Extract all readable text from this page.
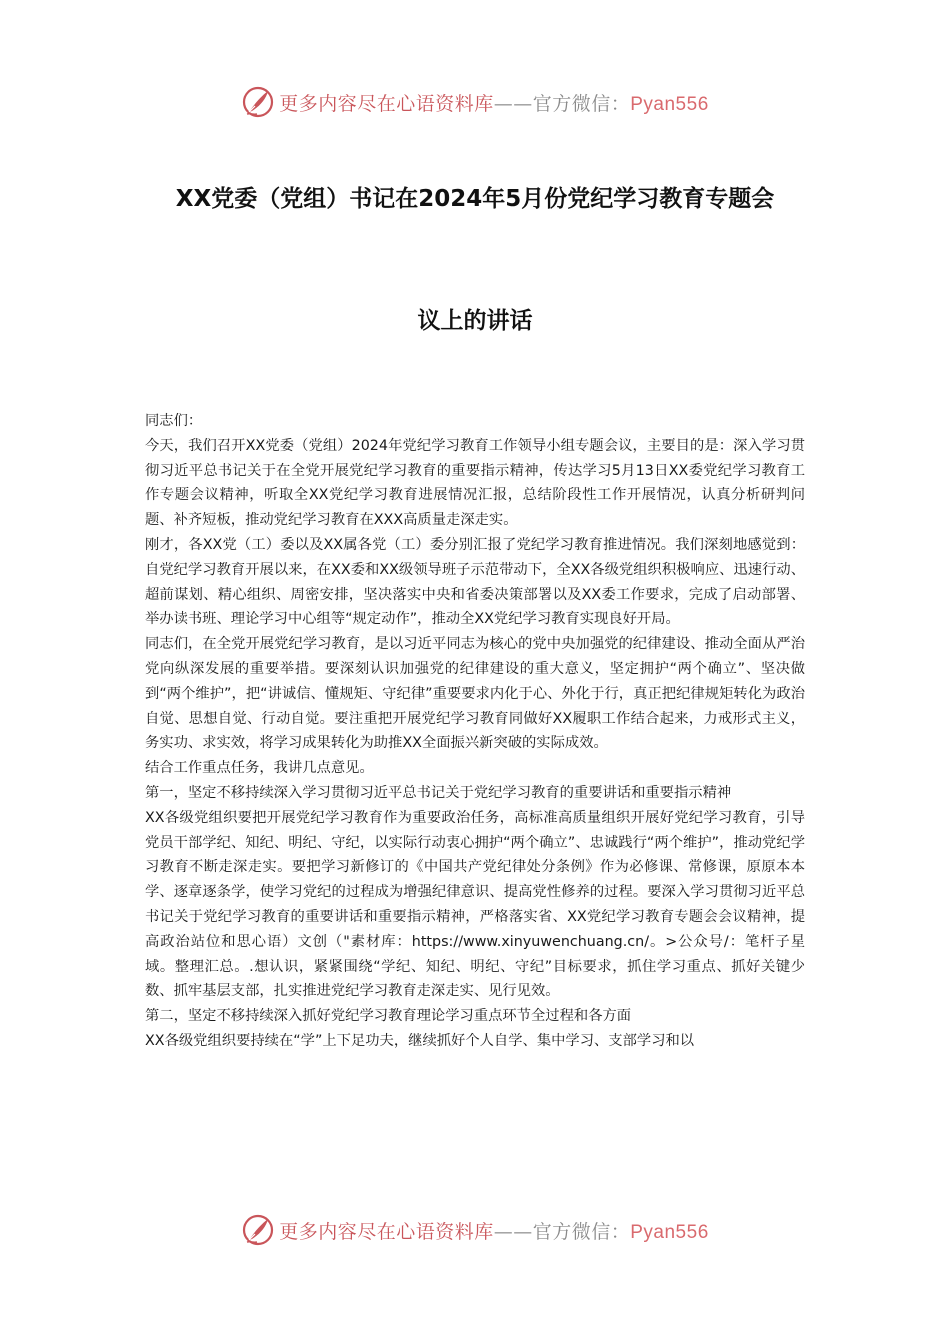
更多内容尽在心语资料库——官方微信：Pyan556
XX党委（党组）书记在2024年5月份党纪学习教育专题会
议上的讲话

同志们：

今天，我们召开XX党委（党组）2024年党纪学习教育工作领导小组专题会议，主要目的是：深入学习贯彻习近平总书记关于在全党开展党纪学习教育的重要指示精神，传达学习5月13日XX委党纪学习教育工作专题会议精神，听取全XX党纪学习教育进展情况汇报，总结阶段性工作开展情况，认真分析研判问题、补齐短板，推动党纪学习教育在XXX高质量走深走实。

刚才，各XX党（工）委以及XX属各党（工）委分别汇报了党纪学习教育推进情况。我们深刻地感觉到：自党纪学习教育开展以来，在XX委和XX级领导班子示范带动下，全XX各级党组织积极响应、迅速行动、超前谋划、精心组织、周密安排，坚决落实中央和省委决策部署以及XX委工作要求，完成了启动部署、举办读书班、理论学习中心组等“规定动作”，推动全XX党纪学习教育实现良好开局。

同志们，在全党开展党纪学习教育，是以习近平同志为核心的党中央加强党的纪律建设、推动全面从严治党向纵深发展的重要举措。要深刻认识加强党的纪律建设的重大意义，坚定拥护“两个确立”、坚决做到“两个维护”，把“讲诚信、懂规矩、守纪律”重要要求内化于心、外化于行，真正把纪律规矩转化为政治自觉、思想自觉、行动自觉。要注重把开展党纪学习教育同做好XX履职工作结合起来，力戒形式主义，务实功、求实效，将学习成果转化为助推XX全面振兴新突破的实际成效。

结合工作重点任务，我讲几点意见。

第一，坚定不移持续深入学习贯彻习近平总书记关于党纪学习教育的重要讲话和重要指示精神

XX各级党组织要把开展党纪学习教育作为重要政治任务，高标准高质量组织开展好党纪学习教育，引导党员干部学纪、知纪、明纪、守纪，以实际行动衷心拥护“两个确立”、忠诚践行“两个维护”，推动党纪学习教育不断走深走实。要把学习新修订的《中国共产党纪律处分条例》作为必修课、常修课，原原本本学、逐章逐条学，使学习党纪的过程成为增强纪律意识、提高党性修养的过程。要深入学习贯彻习近平总书记关于党纪学习教育的重要讲话和重要指示精神，严格落实省、XX党纪学习教育专题会会议精神，提高政治站位和思心语）文创（"素材库：https://www.xinyuwenchuang.cn/。>公众号/：笔杆子星域。整理汇总。.想认识，紧紧围绕“学纪、知纪、明纪、守纪”目标要求，抓住学习重点、抓好关键少数、抓牢基层支部，扎实推进党纪学习教育走深走实、见行见效。

第二，坚定不移持续深入抓好党纪学习教育理论学习重点环节全过程和各方面

XX各级党组织要持续在“学”上下足功夫，继续抓好个人自学、集中学习、支部学习和以

更多内容尽在心语资料库——官方微信：Pyan556
